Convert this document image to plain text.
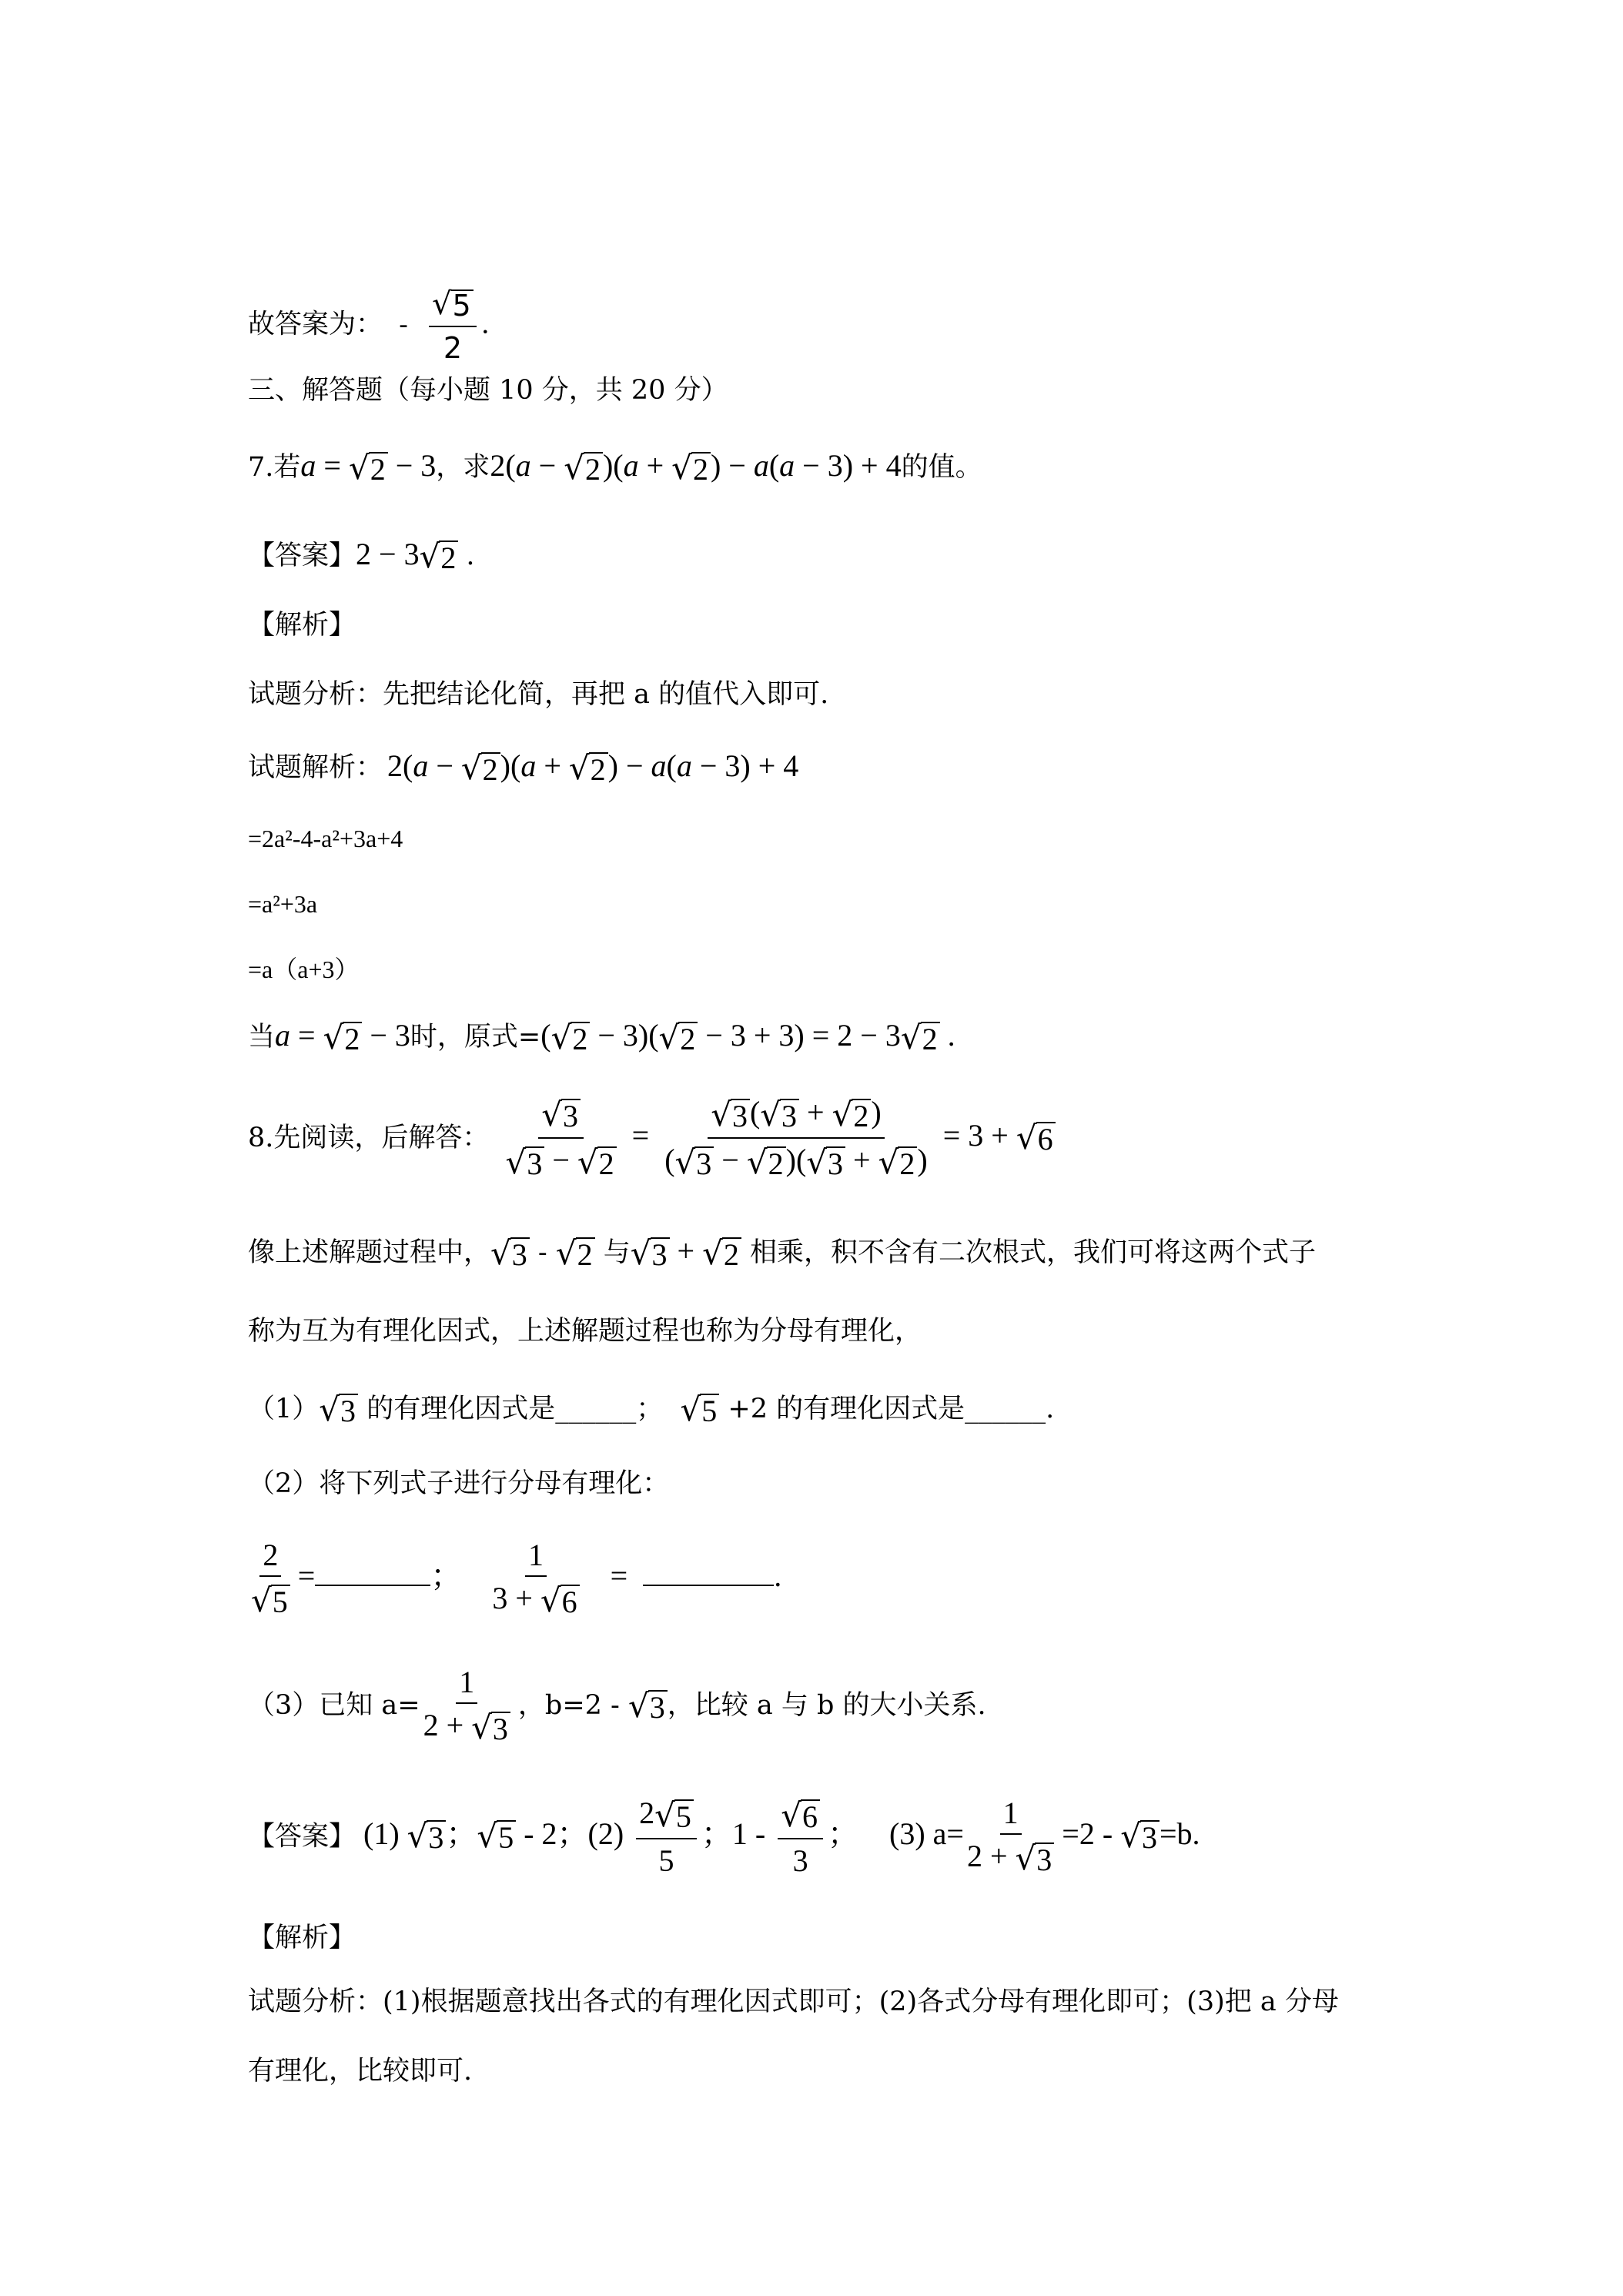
故答案为： - $\frac{√ 5}{2}$ .
三、解答题（每小题 10 分，共 20 分）
7.若a = √ 2 − 3，求2(a − √ 2 )(a + √ 2 ) − a(a − 3) + 4的值。
【答案】2 − 3 √ 2 .
【解析】
试题分析：先把结论化简，再把 a 的值代入即可.
试题解析： 2(a − √ 2 )(a + √ 2 ) − a(a − 3) + 4
=2a²-4-a²+3a+4
=a²+3a
=a（a+3）
当a = √ 2 − 3时，原式=( √ 2 − 3)( √ 2 − 3 + 3) = 2 − 3 √ 2 .
8.先阅读，后解答： $\frac{√ 3}{√ 3 - √ 2} = \frac{√ 3 ( √ 3 + √ 2 )}{( √ 3 - √ 2 )( √ 3 + √ 2 )} = 3$ + √ 6
像上述解题过程中， √ 3 - √ 2 与 √ 3 + √ 2 相乘，积不含有二次根式，我们可将这两个式子
称为互为有理化因式，上述解题过程也称为分母有理化，
（1） √ 3 的有理化因式是______； √ 5 +2 的有理化因式是______.
（2）将下列式子进行分母有理化：
$\frac{2}{√ 5}$ =	； $\frac{1}{3 + √ 6}$ =	.
（3）已知 $a= \frac{1}{2 + √ 3}$ ，b=2 - √ 3 ，比较 a 与 b 的大小关系.
【答案】 (1) √ 3 ； √ 5 - 2；$(2) \frac{2 √ 5}{5}$ ；$1 - \frac{√ 6}{3}$ ； (3) $a= \frac{1}{2 + √ 3} =2$ - √ 3 =b.
【解析】
试题分析：(1)根据题意找出各式的有理化因式即可；(2)各式分母有理化即可；(3)把 a 分母
有理化，比较即可.
